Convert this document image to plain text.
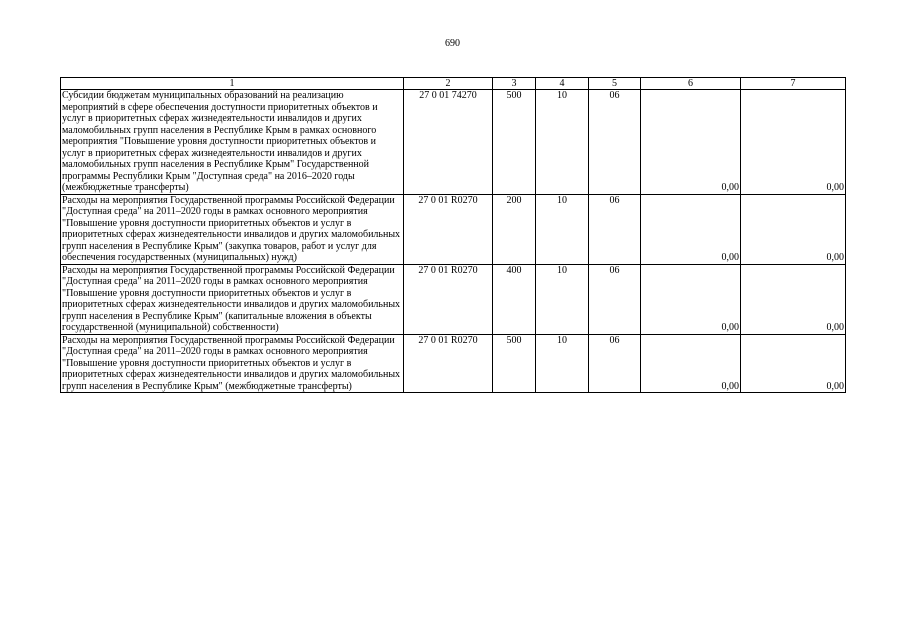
690
1	2	3	4	5	6	7
Субсидии бюджетам муниципальных образований на реализацию мероприятий в сфере обеспечения доступности приоритетных объектов и услуг в приоритетных сферах жизнедеятельности инвалидов и других маломобильных групп населения в Республике Крым в рамках основного мероприятия "Повышение уровня доступности приоритетных объектов и услуг в приоритетных сферах жизнедеятельности инвалидов и других маломобильных групп населения в Республике Крым" Государственной программы Республики Крым "Доступная среда" на 2016–2020 годы (межбюджетные трансферты)	27 0 01 74270	500	10	06	0,00	0,00
Расходы на мероприятия Государственной программы Российской Федерации "Доступная среда" на 2011–2020 годы в рамках основного мероприятия "Повышение уровня доступности приоритетных объектов и услуг в приоритетных сферах жизнедеятельности инвалидов и других маломобильных групп населения в Республике Крым" (закупка товаров, работ и услуг для обеспечения государственных (муниципальных) нужд)	27 0 01 R0270	200	10	06	0,00	0,00
Расходы на мероприятия Государственной программы Российской Федерации "Доступная среда" на 2011–2020 годы в рамках основного мероприятия "Повышение уровня доступности приоритетных объектов и услуг в приоритетных сферах жизнедеятельности инвалидов и других маломобильных групп населения в Республике Крым" (капитальные вложения в объекты государственной (муниципальной) собственности)	27 0 01 R0270	400	10	06	0,00	0,00
Расходы на мероприятия Государственной программы Российской Федерации "Доступная среда" на 2011–2020 годы в рамках основного мероприятия "Повышение уровня доступности приоритетных объектов и услуг в приоритетных сферах жизнедеятельности инвалидов и других маломобильных групп населения в Республике Крым" (межбюджетные трансферты)	27 0 01 R0270	500	10	06	0,00	0,00
